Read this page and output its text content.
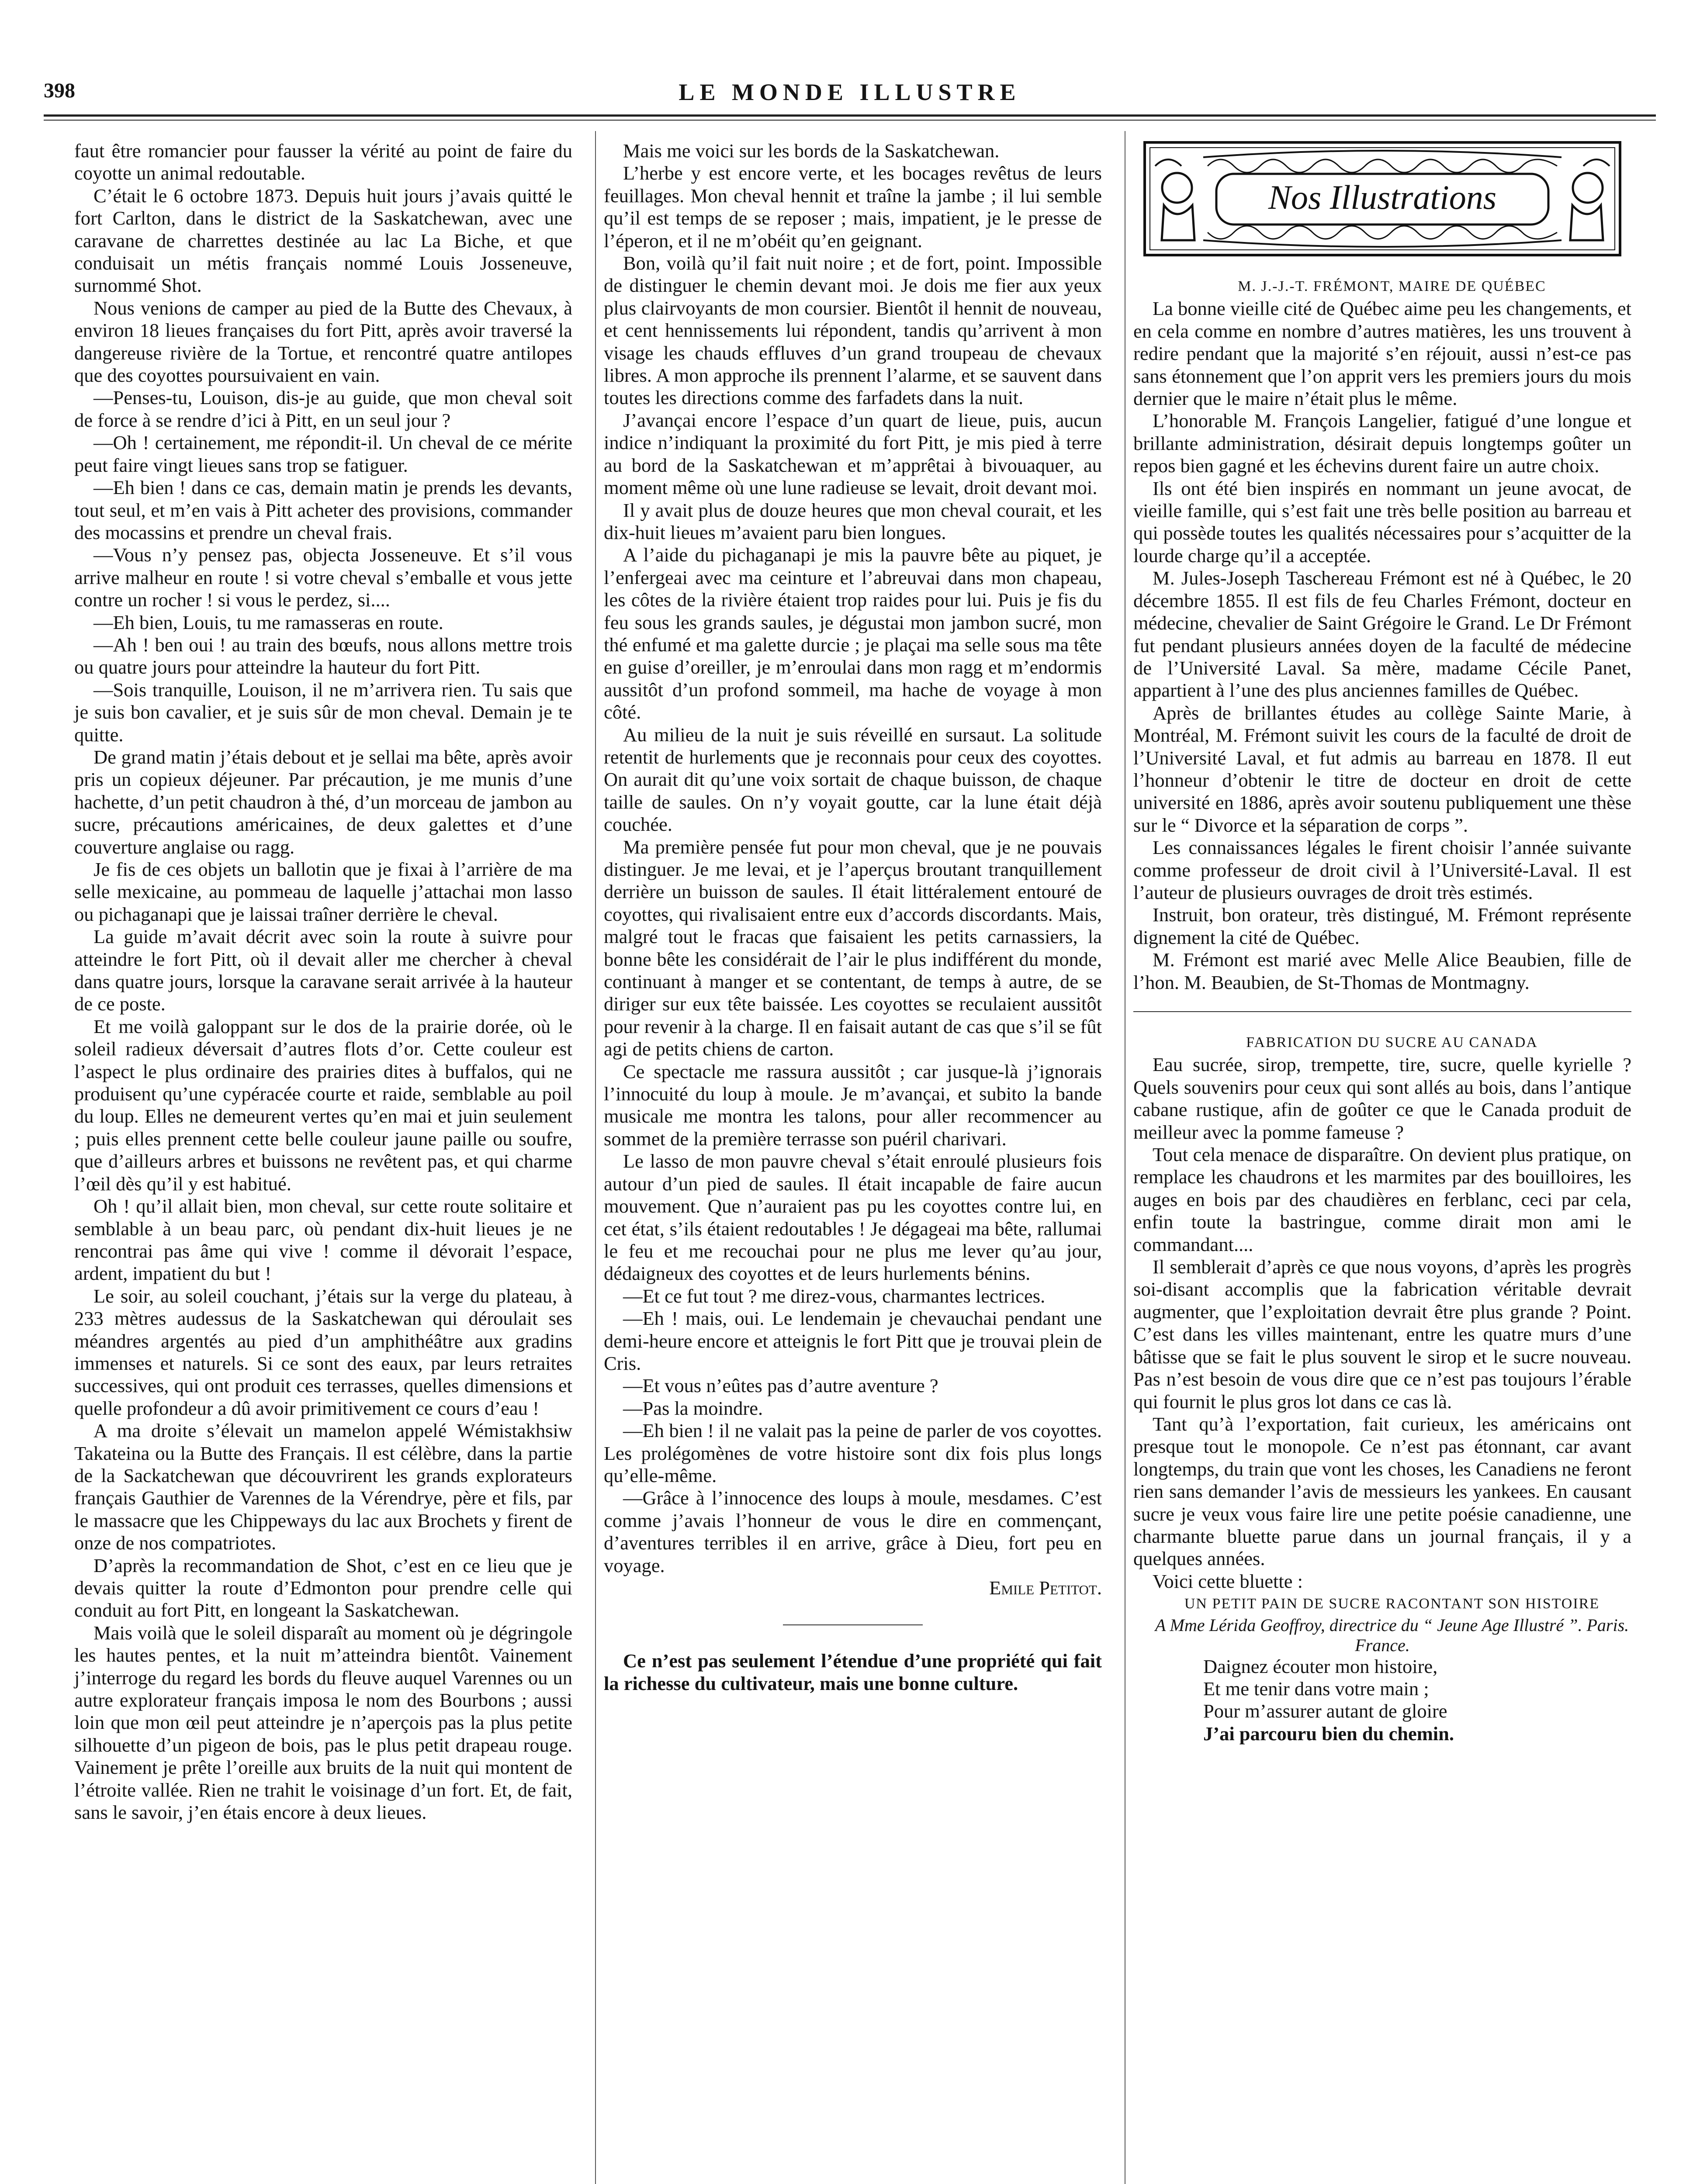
398	LE MONDE ILLUSTRE

faut être romancier pour fausser la vérité au point de faire du coyotte un animal redoutable.

C’était le 6 octobre 1873. Depuis huit jours j’avais quitté le fort Carlton, dans le district de la Saskatchewan, avec une caravane de charrettes destinée au lac La Biche, et que conduisait un métis français nommé Louis Josseneuve, surnommé Shot.

Nous venions de camper au pied de la Butte des Chevaux, à environ 18 lieues françaises du fort Pitt, après avoir traversé la dangereuse rivière de la Tortue, et rencontré quatre antilopes que des coyottes poursuivaient en vain.

—Penses-tu, Louison, dis-je au guide, que mon cheval soit de force à se rendre d’ici à Pitt, en un seul jour ?

—Oh ! certainement, me répondit-il. Un cheval de ce mérite peut faire vingt lieues sans trop se fatiguer.

—Eh bien ! dans ce cas, demain matin je prends les devants, tout seul, et m’en vais à Pitt acheter des provisions, commander des mocassins et prendre un cheval frais.

—Vous n’y pensez pas, objecta Josseneuve. Et s’il vous arrive malheur en route ! si votre cheval s’emballe et vous jette contre un rocher ! si vous le perdez, si....

—Eh bien, Louis, tu me ramasseras en route.

—Ah ! ben oui ! au train des bœufs, nous allons mettre trois ou quatre jours pour atteindre la hauteur du fort Pitt.

—Sois tranquille, Louison, il ne m’arrivera rien. Tu sais que je suis bon cavalier, et je suis sûr de mon cheval. Demain je te quitte.

De grand matin j’étais debout et je sellai ma bête, après avoir pris un copieux déjeuner. Par précaution, je me munis d’une hachette, d’un petit chaudron à thé, d’un morceau de jambon au sucre, précautions américaines, de deux galettes et d’une couverture anglaise ou ragg.

Je fis de ces objets un ballotin que je fixai à l’arrière de ma selle mexicaine, au pommeau de laquelle j’attachai mon lasso ou pichaganapi que je laissai traîner derrière le cheval.

La guide m’avait décrit avec soin la route à suivre pour atteindre le fort Pitt, où il devait aller me chercher à cheval dans quatre jours, lorsque la caravane serait arrivée à la hauteur de ce poste.

Et me voilà galoppant sur le dos de la prairie dorée, où le soleil radieux déversait d’autres flots d’or. Cette couleur est l’aspect le plus ordinaire des prairies dites à buffalos, qui ne produisent qu’une cypéracée courte et raide, semblable au poil du loup. Elles ne demeurent vertes qu’en mai et juin seulement ; puis elles prennent cette belle couleur jaune paille ou soufre, que d’ailleurs arbres et buissons ne revêtent pas, et qui charme l’œil dès qu’il y est habitué.

Oh ! qu’il allait bien, mon cheval, sur cette route solitaire et semblable à un beau parc, où pendant dix-huit lieues je ne rencontrai pas âme qui vive ! comme il dévorait l’espace, ardent, impatient du but !

Le soir, au soleil couchant, j’étais sur la verge du plateau, à 233 mètres audessus de la Saskatchewan qui déroulait ses méandres argentés au pied d’un amphithéâtre aux gradins immenses et naturels. Si ce sont des eaux, par leurs retraites successives, qui ont produit ces terrasses, quelles dimensions et quelle profondeur a dû avoir primitivement ce cours d’eau !

A ma droite s’élevait un mamelon appelé Wémistakhsiw Takateina ou la Butte des Français. Il est célèbre, dans la partie de la Sackatchewan que découvrirent les grands explorateurs français Gauthier de Varennes de la Vérendrye, père et fils, par le massacre que les Chippeways du lac aux Brochets y firent de onze de nos compatriotes.

D’après la recommandation de Shot, c’est en ce lieu que je devais quitter la route d’Edmonton pour prendre celle qui conduit au fort Pitt, en longeant la Saskatchewan.

Mais voilà que le soleil disparaît au moment où je dégringole les hautes pentes, et la nuit m’atteindra bientôt. Vainement j’interroge du regard les bords du fleuve auquel Varennes ou un autre explorateur français imposa le nom des Bourbons ; aussi loin que mon œil peut atteindre je n’aperçois pas la plus petite silhouette d’un pigeon de bois, pas le plus petit drapeau rouge. Vainement je prête l’oreille aux bruits de la nuit qui montent de l’étroite vallée. Rien ne trahit le voisinage d’un fort. Et, de fait, sans le savoir, j’en étais encore à deux lieues.

Mais me voici sur les bords de la Saskatchewan.

L’herbe y est encore verte, et les bocages revêtus de leurs feuillages. Mon cheval hennit et traîne la jambe ; il lui semble qu’il est temps de se reposer ; mais, impatient, je le presse de l’éperon, et il ne m’obéit qu’en geignant.

Bon, voilà qu’il fait nuit noire ; et de fort, point. Impossible de distinguer le chemin devant moi. Je dois me fier aux yeux plus clairvoyants de mon coursier. Bientôt il hennit de nouveau, et cent hennissements lui répondent, tandis qu’arrivent à mon visage les chauds effluves d’un grand troupeau de chevaux libres. A mon approche ils prennent l’alarme, et se sauvent dans toutes les directions comme des farfadets dans la nuit.

J’avançai encore l’espace d’un quart de lieue, puis, aucun indice n’indiquant la proximité du fort Pitt, je mis pied à terre au bord de la Saskatchewan et m’apprêtai à bivouaquer, au moment même où une lune radieuse se levait, droit devant moi.

Il y avait plus de douze heures que mon cheval courait, et les dix-huit lieues m’avaient paru bien longues.

A l’aide du pichaganapi je mis la pauvre bête au piquet, je l’enfergeai avec ma ceinture et l’abreuvai dans mon chapeau, les côtes de la rivière étaient trop raides pour lui. Puis je fis du feu sous les grands saules, je dégustai mon jambon sucré, mon thé enfumé et ma galette durcie ; je plaçai ma selle sous ma tête en guise d’oreiller, je m’enroulai dans mon ragg et m’endormis aussitôt d’un profond sommeil, ma hache de voyage à mon côté.

Au milieu de la nuit je suis réveillé en sursaut. La solitude retentit de hurlements que je reconnais pour ceux des coyottes. On aurait dit qu’une voix sortait de chaque buisson, de chaque taille de saules. On n’y voyait goutte, car la lune était déjà couchée.

Ma première pensée fut pour mon cheval, que je ne pouvais distinguer. Je me levai, et je l’aperçus broutant tranquillement derrière un buisson de saules. Il était littéralement entouré de coyottes, qui rivalisaient entre eux d’accords discordants. Mais, malgré tout le fracas que faisaient les petits carnassiers, la bonne bête les considérait de l’air le plus indifférent du monde, continuant à manger et se contentant, de temps à autre, de se diriger sur eux tête baissée. Les coyottes se reculaient aussitôt pour revenir à la charge. Il en faisait autant de cas que s’il se fût agi de petits chiens de carton.

Ce spectacle me rassura aussitôt ; car jusque-là j’ignorais l’innocuité du loup à moule. Je m’avançai, et subito la bande musicale me montra les talons, pour aller recommencer au sommet de la première terrasse son puéril charivari.

Le lasso de mon pauvre cheval s’était enroulé plusieurs fois autour d’un pied de saules. Il était incapable de faire aucun mouvement. Que n’auraient pas pu les coyottes contre lui, en cet état, s’ils étaient redoutables ! Je dégageai ma bête, rallumai le feu et me recouchai pour ne plus me lever qu’au jour, dédaigneux des coyottes et de leurs hurlements bénins.

—Et ce fut tout ? me direz-vous, charmantes lectrices.

—Eh ! mais, oui. Le lendemain je chevauchai pendant une demi-heure encore et atteignis le fort Pitt que je trouvai plein de Cris.

—Et vous n’eûtes pas d’autre aventure ?

—Pas la moindre.

—Eh bien ! il ne valait pas la peine de parler de vos coyottes. Les prolégomènes de votre histoire sont dix fois plus longs qu’elle-même.

—Grâce à l’innocence des loups à moule, mesdames. C’est comme j’avais l’honneur de vous le dire en commençant, d’aventures terribles il en arrive, grâce à Dieu, fort peu en voyage.

Emile Petitot.

Ce n’est pas seulement l’étendue d’une propriété qui fait la richesse du cultivateur, mais une bonne culture.

Nos Illustrations

M. J.-J.-T. FRÉMONT, MAIRE DE QUÉBEC

La bonne vieille cité de Québec aime peu les changements, et en cela comme en nombre d’autres matières, les uns trouvent à redire pendant que la majorité s’en réjouit, aussi n’est-ce pas sans étonnement que l’on apprit vers les premiers jours du mois dernier que le maire n’était plus le même.

L’honorable M. François Langelier, fatigué d’une longue et brillante administration, désirait depuis longtemps goûter un repos bien gagné et les échevins durent faire un autre choix.

Ils ont été bien inspirés en nommant un jeune avocat, de vieille famille, qui s’est fait une très belle position au barreau et qui possède toutes les qualités nécessaires pour s’acquitter de la lourde charge qu’il a acceptée.

M. Jules-Joseph Taschereau Frémont est né à Québec, le 20 décembre 1855. Il est fils de feu Charles Frémont, docteur en médecine, chevalier de Saint Grégoire le Grand. Le Dr Frémont fut pendant plusieurs années doyen de la faculté de médecine de l’Université Laval. Sa mère, madame Cécile Panet, appartient à l’une des plus anciennes familles de Québec.

Après de brillantes études au collège Sainte Marie, à Montréal, M. Frémont suivit les cours de la faculté de droit de l’Université Laval, et fut admis au barreau en 1878. Il eut l’honneur d’obtenir le titre de docteur en droit de cette université en 1886, après avoir soutenu publiquement une thèse sur le “ Divorce et la séparation de corps ”.

Les connaissances légales le firent choisir l’année suivante comme professeur de droit civil à l’Université-Laval. Il est l’auteur de plusieurs ouvrages de droit très estimés.

Instruit, bon orateur, très distingué, M. Frémont représente dignement la cité de Québec.

M. Frémont est marié avec Melle Alice Beaubien, fille de l’hon. M. Beaubien, de St-Thomas de Montmagny.

FABRICATION DU SUCRE AU CANADA

Eau sucrée, sirop, trempette, tire, sucre, quelle kyrielle ? Quels souvenirs pour ceux qui sont allés au bois, dans l’antique cabane rustique, afin de goûter ce que le Canada produit de meilleur avec la pomme fameuse ?

Tout cela menace de disparaître. On devient plus pratique, on remplace les chaudrons et les marmites par des bouilloires, les auges en bois par des chaudières en ferblanc, ceci par cela, enfin toute la bastringue, comme dirait mon ami le commandant....

Il semblerait d’après ce que nous voyons, d’après les progrès soi-disant accomplis que la fabrication véritable devrait augmenter, que l’exploitation devrait être plus grande ? Point. C’est dans les villes maintenant, entre les quatre murs d’une bâtisse que se fait le plus souvent le sirop et le sucre nouveau. Pas n’est besoin de vous dire que ce n’est pas toujours l’érable qui fournit le plus gros lot dans ce cas là.

Tant qu’à l’exportation, fait curieux, les américains ont presque tout le monopole. Ce n’est pas étonnant, car avant longtemps, du train que vont les choses, les Canadiens ne feront rien sans demander l’avis de messieurs les yankees. En causant sucre je veux vous faire lire une petite poésie canadienne, une charmante bluette parue dans un journal français, il y a quelques années.

Voici cette bluette :

UN PETIT PAIN DE SUCRE RACONTANT SON HISTOIRE

A Mme Lérida Geoffroy, directrice du “ Jeune Age Illustré ”. Paris. France.

Daignez écouter mon histoire,
Et me tenir dans votre main ;
Pour m’assurer autant de gloire
J’ai parcouru bien du chemin.
